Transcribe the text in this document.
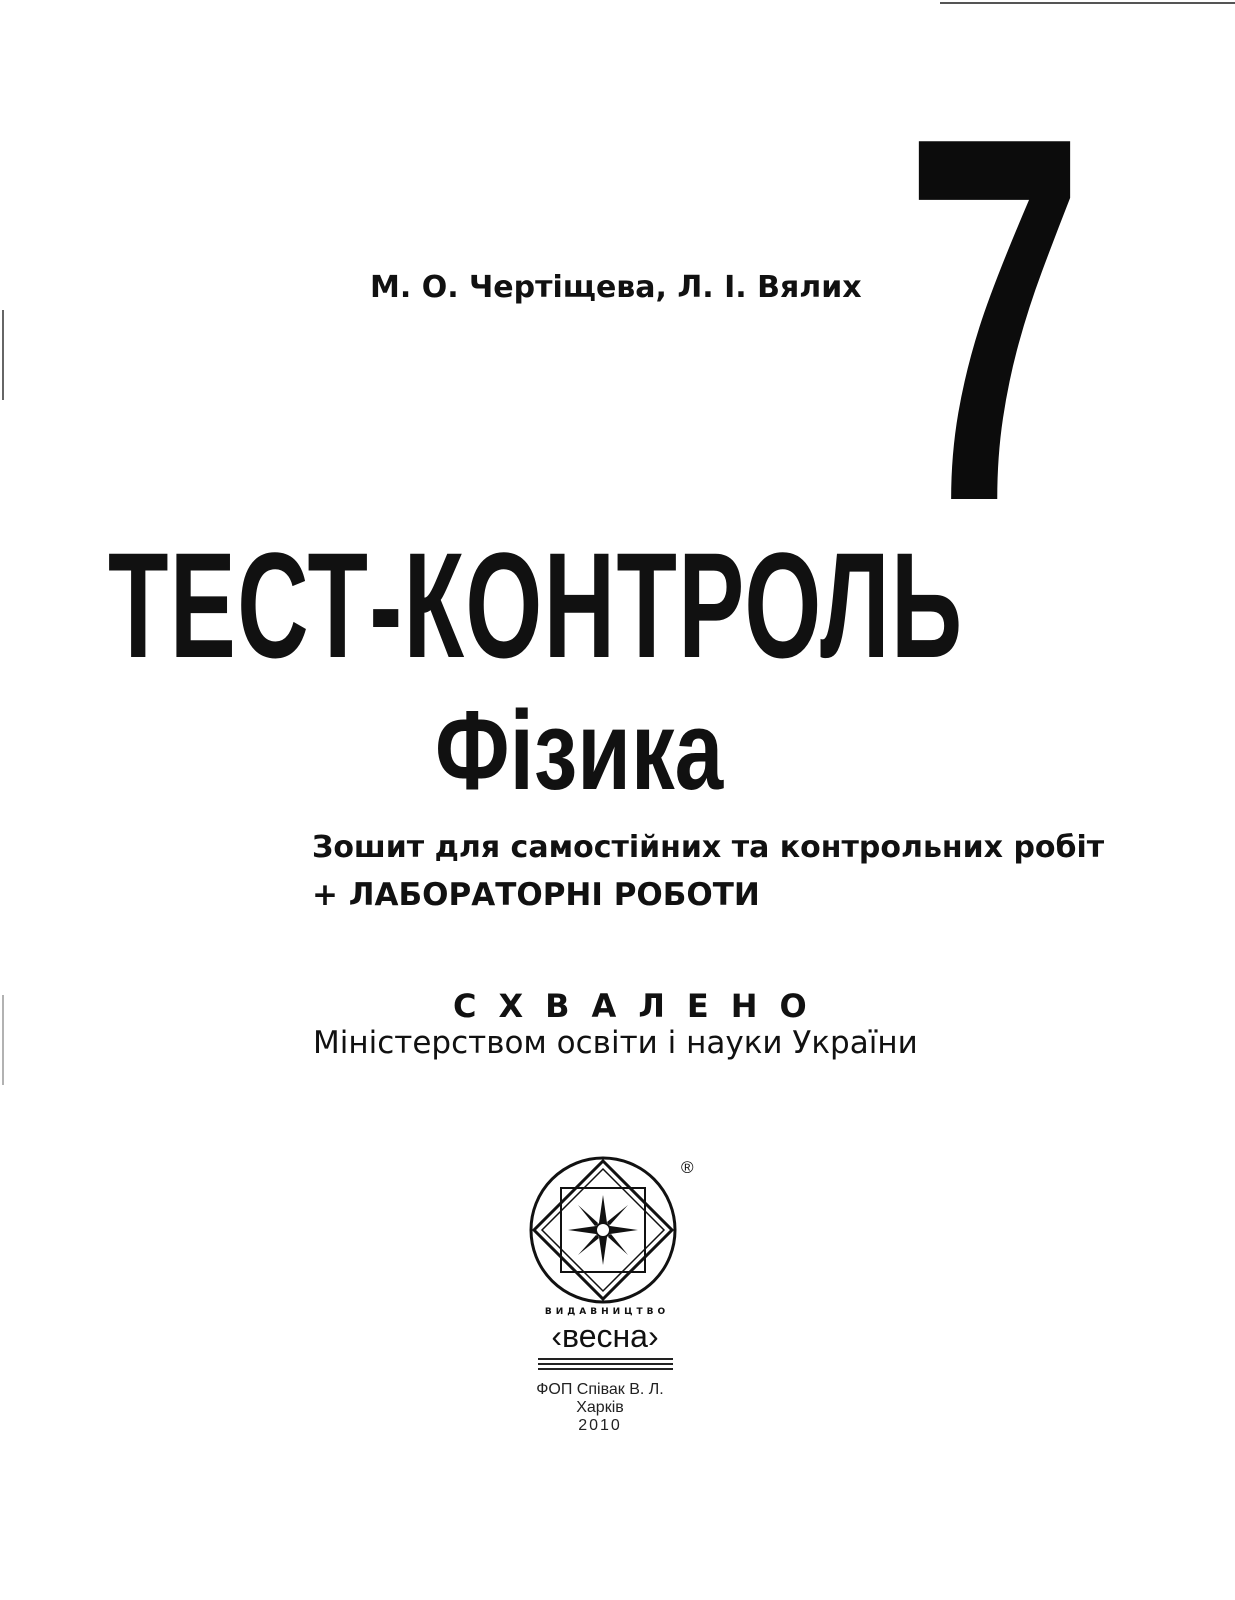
7
М. О. Чертіщева, Л. І. Вялих
ТЕСТ-КОНТРОЛЬ
Фізика
Зошит для самостійних та контрольних робіт
+ ЛАБОРАТОРНІ РОБОТИ
СХВАЛЕНО
Міністерством освіти і науки України
®
ВИДАВНИЦТВО
‹весна›
ФОП Співак В. Л.
Харків
2010
